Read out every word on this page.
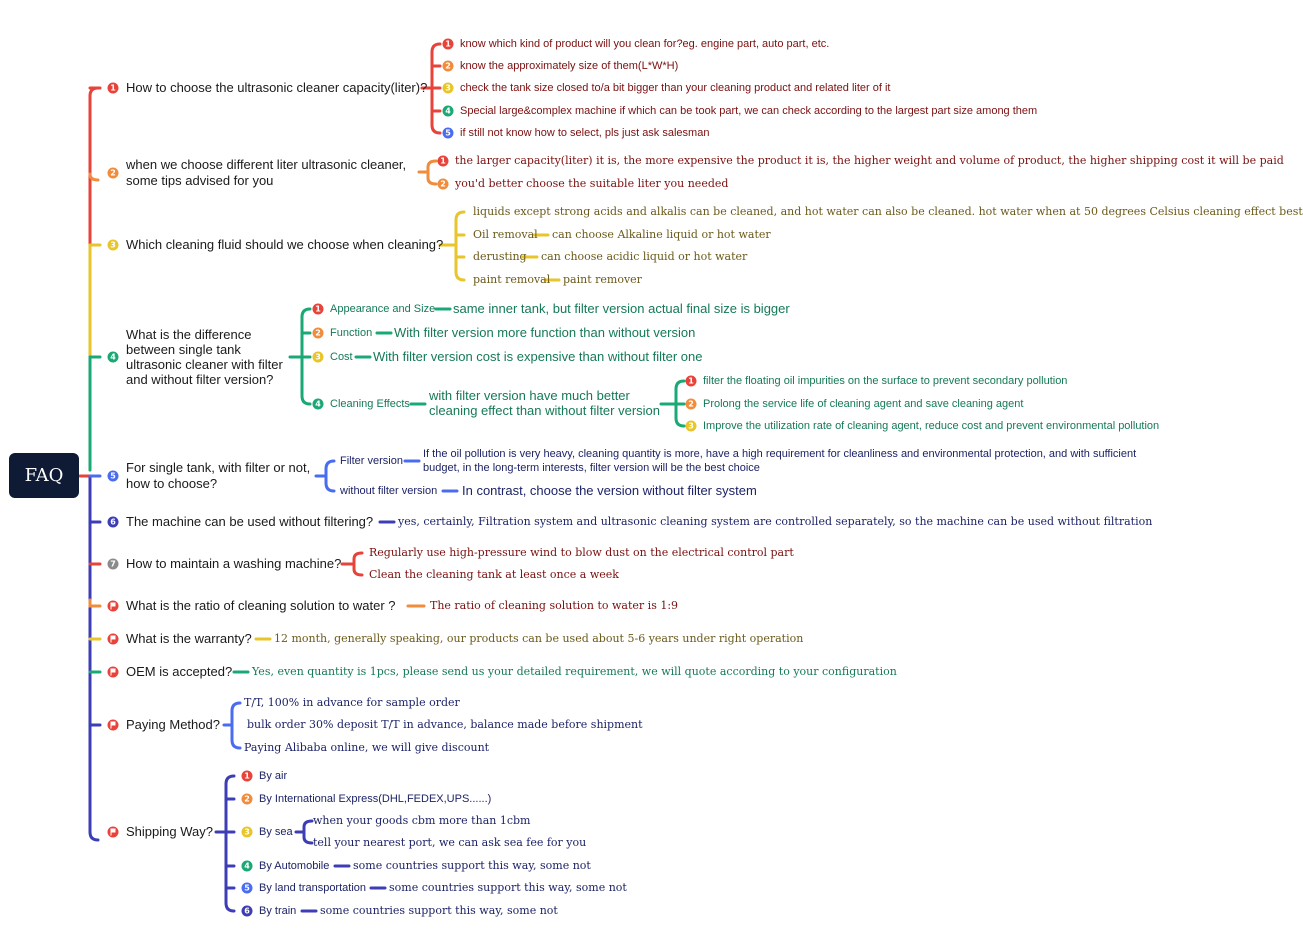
FAQ
1 How to choose the ultrasonic cleaner capacity(liter)?
1 know which kind of product will you clean for?eg. engine part, auto part, etc.
2 know the approximately size of them(L*W*H)
3 check the tank size closed to/a bit bigger than your cleaning product and related liter of it
4 Special large&complex machine if which can be took part, we can check according to the largest part size among them
5 if still not know how to select, pls just ask salesman
2
when we choose different liter ultrasonic cleaner,
some tips advised for you
1 the larger capacity(liter) it is, the more expensive the product it is, the higher weight and volume of product, the higher shipping cost it will be paid
2 you'd better choose the suitable liter you needed
3 Which cleaning fluid should we choose when cleaning?
liquids except strong acids and alkalis can be cleaned, and hot water can also be cleaned. hot water when at 50 degrees Celsius cleaning effect best
Oil removal can choose Alkaline liquid or hot water
derusting can choose acidic liquid or hot water
paint removal paint remover
4
What is the difference
between single tank
ultrasonic cleaner with filter
and without filter version?
1 Appearance and Size same inner tank, but filter version actual final size is bigger
2 Function With filter version more function than without version
3 Cost With filter version cost is expensive than without filter one
4 Cleaning Effects
with filter version have much better
cleaning effect than without filter version
1 filter the floating oil impurities on the surface to prevent secondary pollution
2 Prolong the service life of cleaning agent and save cleaning agent
3 Improve the utilization rate of cleaning agent, reduce cost and prevent environmental pollution
5
For single tank, with filter or not,
how to choose?
Filter version
If the oil pollution is very heavy, cleaning quantity is more, have a high requirement for cleanliness and environmental protection, and with sufficient
budget, in the long-term interests, filter version will be the best choice
without filter version In contrast, choose the version without filter system
6 The machine can be used without filtering? yes, certainly, Filtration system and ultrasonic cleaning system are controlled separately, so the machine can be used without filtration
7 How to maintain a washing machine?
Regularly use high-pressure wind to blow dust on the electrical control part
Clean the cleaning tank at least once a week
What is the ratio of cleaning solution to water ?	The ratio of cleaning solution to water is 1:9
What is the warranty? 12 month, generally speaking, our products can be used about 5-6 years under right operation
OEM is accepted? Yes, even quantity is 1pcs, please send us your detailed requirement, we will quote according to your configuration
Paying Method?
T/T, 100% in advance for sample order
bulk order 30% deposit T/T in advance, balance made before shipment
Paying Alibaba online, we will give discount
Shipping Way?
1 By air
2 By International Express(DHL,FEDEX,UPS......)
3 By sea
when your goods cbm more than 1cbm
tell your nearest port, we can ask sea fee for you
4 By Automobile some countries support this way, some not
5 By land transportation some countries support this way, some not
6 By train some countries support this way, some not
